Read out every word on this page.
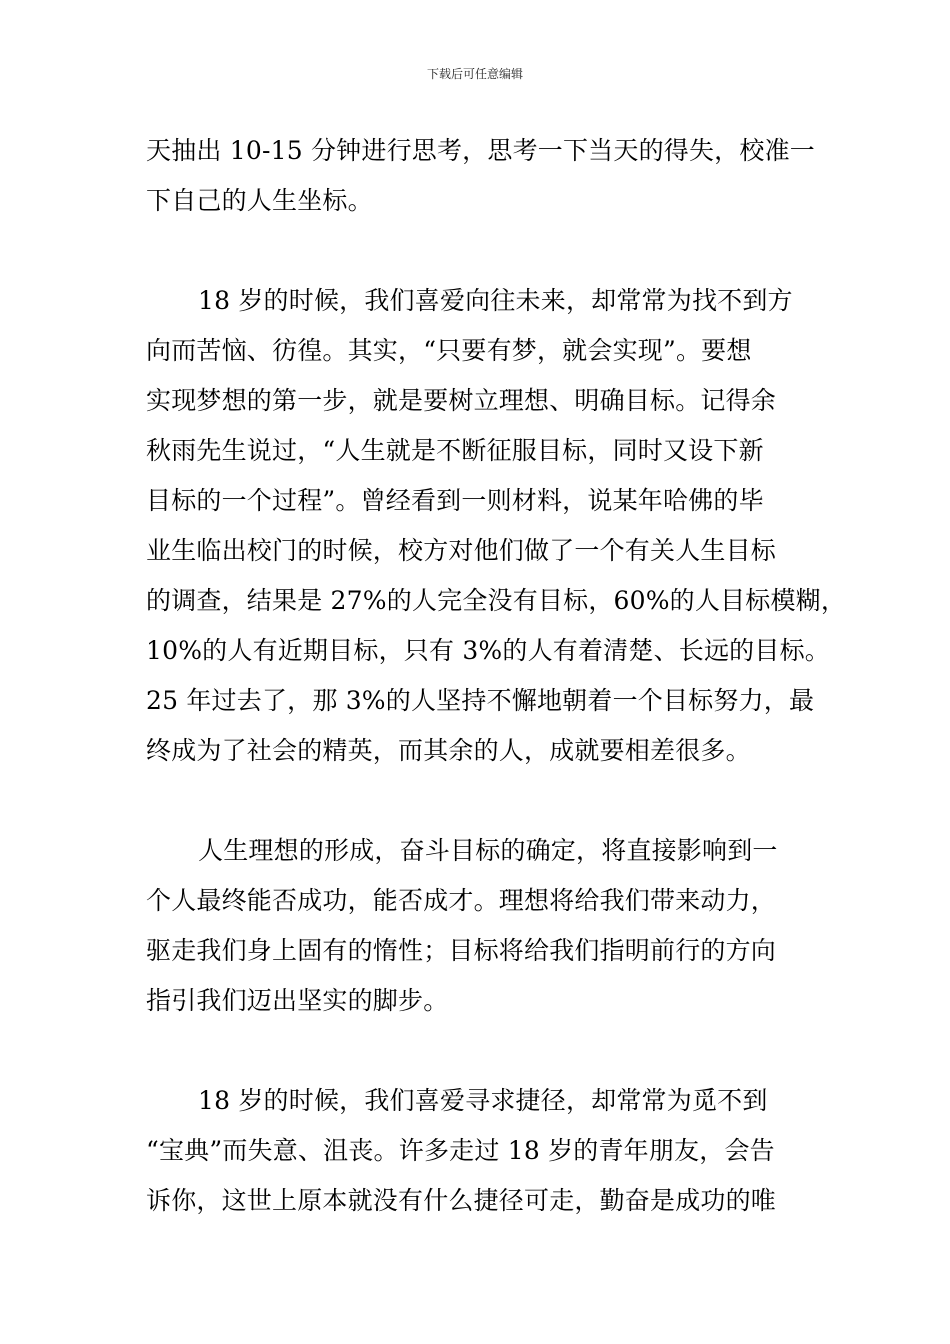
下载后可任意编辑
天抽出 10-15 分钟进行思考，思考一下当天的得失，校准一
下自己的人生坐标。
18 岁的时候，我们喜爱向往未来，却常常为找不到方
向而苦恼、彷徨。其实，“只要有梦，就会实现”。要想
实现梦想的第一步，就是要树立理想、明确目标。记得余
秋雨先生说过，“人生就是不断征服目标，同时又设下新
目标的一个过程”。曾经看到一则材料，说某年哈佛的毕
业生临出校门的时候，校方对他们做了一个有关人生目标
的调查，结果是 27%的人完全没有目标，60%的人目标模糊，
10%的人有近期目标，只有 3%的人有着清楚、长远的目标。
25 年过去了，那 3%的人坚持不懈地朝着一个目标努力，最
终成为了社会的精英，而其余的人，成就要相差很多。
人生理想的形成，奋斗目标的确定，将直接影响到一
个人最终能否成功，能否成才。理想将给我们带来动力，
驱走我们身上固有的惰性；目标将给我们指明前行的方向
指引我们迈出坚实的脚步。
18 岁的时候，我们喜爱寻求捷径，却常常为觅不到
“宝典”而失意、沮丧。许多走过 18 岁的青年朋友，会告
诉你，这世上原本就没有什么捷径可走，勤奋是成功的唯
